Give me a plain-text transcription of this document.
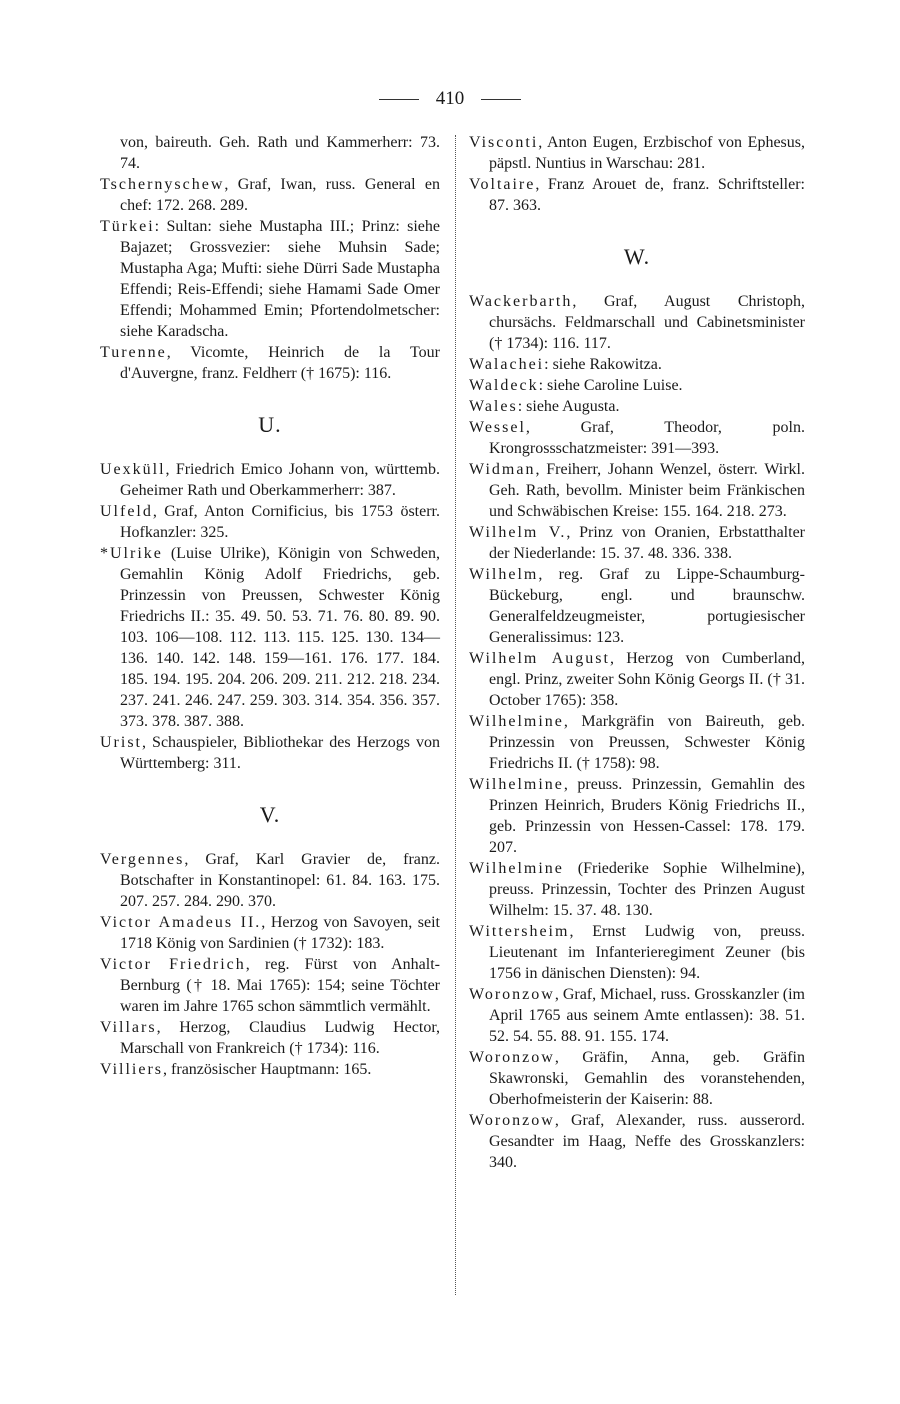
410

von, baireuth. Geh. Rath und Kammerherr: 73. 74.

Tschernyschew, Graf, Iwan, russ. General en chef: 172. 268. 289.

Türkei: Sultan: siehe Mustapha III.; Prinz: siehe Bajazet; Grossvezier: siehe Muhsin Sade; Mustapha Aga; Mufti: siehe Dürri Sade Mustapha Effendi; Reis-Effendi; siehe Hamami Sade Omer Effendi; Mohammed Emin; Pfortendolmetscher: siehe Karadscha.

Turenne, Vicomte, Heinrich de la Tour d'Auvergne, franz. Feldherr († 1675): 116.

U.

Uexküll, Friedrich Emico Johann von, württemb. Geheimer Rath und Oberkammerherr: 387.

Ulfeld, Graf, Anton Cornificius, bis 1753 österr. Hofkanzler: 325.

*Ulrike (Luise Ulrike), Königin von Schweden, Gemahlin König Adolf Friedrichs, geb. Prinzessin von Preussen, Schwester König Friedrichs II.: 35. 49. 50. 53. 71. 76. 80. 89. 90. 103. 106—108. 112. 113. 115. 125. 130. 134—136. 140. 142. 148. 159—161. 176. 177. 184. 185. 194. 195. 204. 206. 209. 211. 212. 218. 234. 237. 241. 246. 247. 259. 303. 314. 354. 356. 357. 373. 378. 387. 388.

Urist, Schauspieler, Bibliothekar des Herzogs von Württemberg: 311.

V.

Vergennes, Graf, Karl Gravier de, franz. Botschafter in Konstantinopel: 61. 84. 163. 175. 207. 257. 284. 290. 370.

Victor Amadeus II., Herzog von Savoyen, seit 1718 König von Sardinien († 1732): 183.

Victor Friedrich, reg. Fürst von Anhalt-Bernburg († 18. Mai 1765): 154; seine Töchter waren im Jahre 1765 schon sämmtlich vermählt.

Villars, Herzog, Claudius Ludwig Hector, Marschall von Frankreich († 1734): 116.

Villiers, französischer Hauptmann: 165.

Visconti, Anton Eugen, Erzbischof von Ephesus, päpstl. Nuntius in Warschau: 281.

Voltaire, Franz Arouet de, franz. Schriftsteller: 87. 363.

W.

Wackerbarth, Graf, August Christoph, chursächs. Feldmarschall und Cabinetsminister († 1734): 116. 117.

Walachei: siehe Rakowitza.

Waldeck: siehe Caroline Luise.

Wales: siehe Augusta.

Wessel, Graf, Theodor, poln. Krongrossschatzmeister: 391—393.

Widman, Freiherr, Johann Wenzel, österr. Wirkl. Geh. Rath, bevollm. Minister beim Fränkischen und Schwäbischen Kreise: 155. 164. 218. 273.

Wilhelm V., Prinz von Oranien, Erbstatthalter der Niederlande: 15. 37. 48. 336. 338.

Wilhelm, reg. Graf zu Lippe-Schaumburg-Bückeburg, engl. und braunschw. Generalfeldzeugmeister, portugiesischer Generalissimus: 123.

Wilhelm August, Herzog von Cumberland, engl. Prinz, zweiter Sohn König Georgs II. († 31. October 1765): 358.

Wilhelmine, Markgräfin von Baireuth, geb. Prinzessin von Preussen, Schwester König Friedrichs II. († 1758): 98.

Wilhelmine, preuss. Prinzessin, Gemahlin des Prinzen Heinrich, Bruders König Friedrichs II., geb. Prinzessin von Hessen-Cassel: 178. 179. 207.

Wilhelmine (Friederike Sophie Wilhelmine), preuss. Prinzessin, Tochter des Prinzen August Wilhelm: 15. 37. 48. 130.

Wittersheim, Ernst Ludwig von, preuss. Lieutenant im Infanterieregiment Zeuner (bis 1756 in dänischen Diensten): 94.

Woronzow, Graf, Michael, russ. Grosskanzler (im April 1765 aus seinem Amte entlassen): 38. 51. 52. 54. 55. 88. 91. 155. 174.

Woronzow, Gräfin, Anna, geb. Gräfin Skawronski, Gemahlin des voranstehenden, Oberhofmeisterin der Kaiserin: 88.

Woronzow, Graf, Alexander, russ. ausserord. Gesandter im Haag, Neffe des Grosskanzlers: 340.
